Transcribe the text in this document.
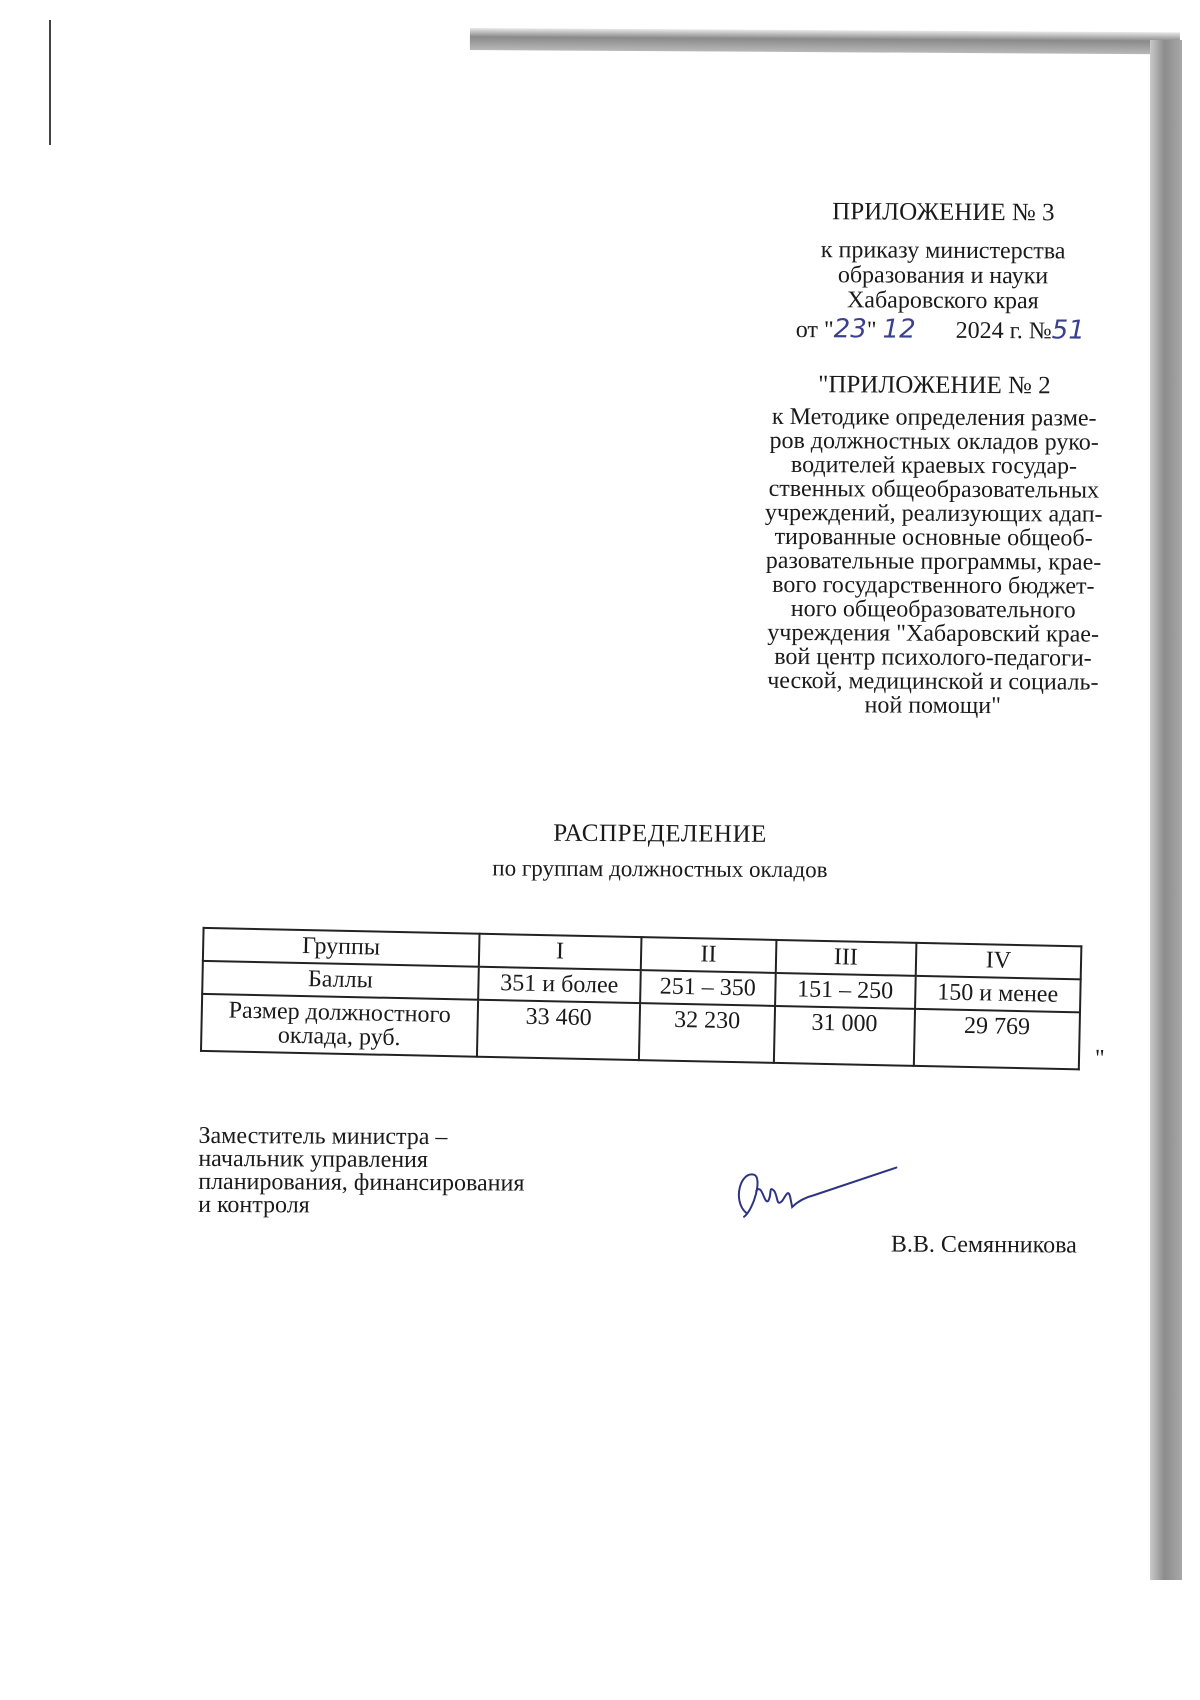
ПРИЛОЖЕНИЕ № 3
к приказу министерства
образования и науки
Хабаровского края
от "23" 12 2024 г. №51
"ПРИЛОЖЕНИЕ № 2
к Методике определения разме-
ров должностных окладов руко-
водителей краевых государ-
ственных общеобразовательных
учреждений, реализующих адап-
тированные основные общеоб-
разовательные программы, крае-
вого государственного бюджет-
ного общеобразовательного
учреждения "Хабаровский крае-
вой центр психолого-педагоги-
ческой, медицинской и социаль-
ной помощи"
РАСПРЕДЕЛЕНИЕ
по группам должностных окладов
Группы	I	II	III	IV
Баллы	351 и более	251 – 350	151 – 250	150 и менее
Размер должностного оклада, руб.	33 460	32 230	31 000	29 769
"
Заместитель министра –
начальник управления
планирования, финансирования
и контроля
В.В. Семянникова
